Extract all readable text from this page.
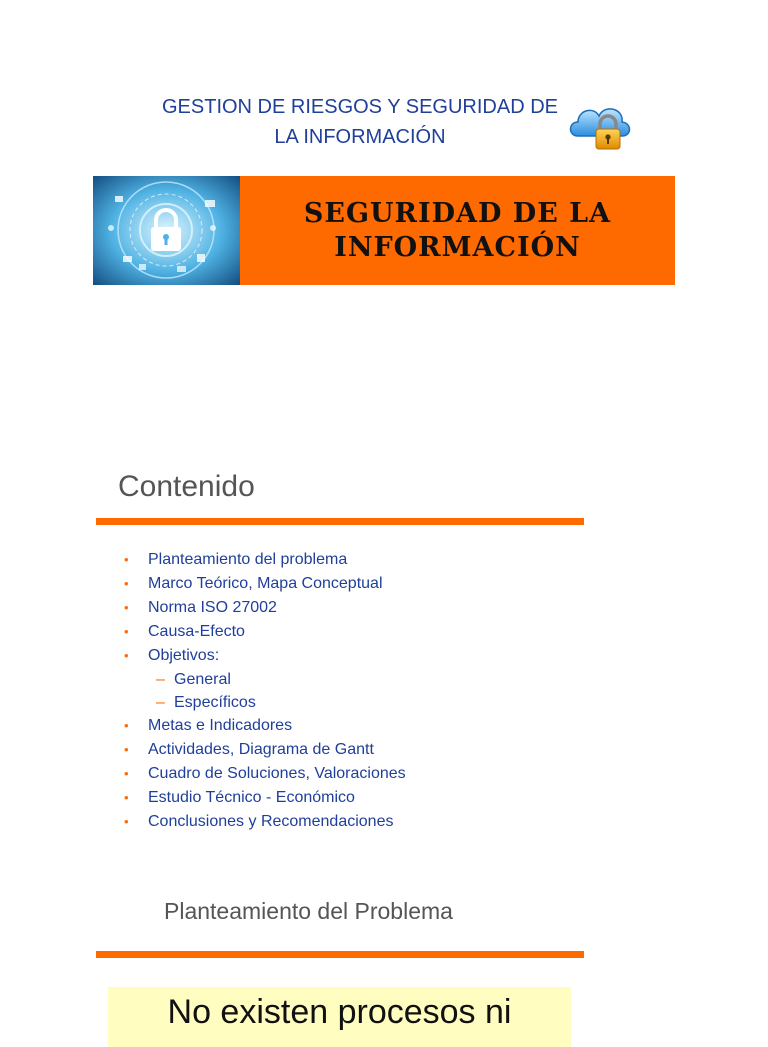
GESTION DE RIESGOS Y SEGURIDAD DE
LA INFORMACIÓN
SEGURIDAD DE LA
INFORMACIÓN
Contenido
• Planteamiento del problema
• Marco Teórico, Mapa Conceptual
• Norma ISO 27002
• Causa-Efecto
• Objetivos:
– General
– Específicos
• Metas e Indicadores
• Actividades, Diagrama de Gantt
• Cuadro de Soluciones, Valoraciones
• Estudio Técnico - Económico
• Conclusiones y Recomendaciones
Planteamiento del Problema
No existen procesos ni
